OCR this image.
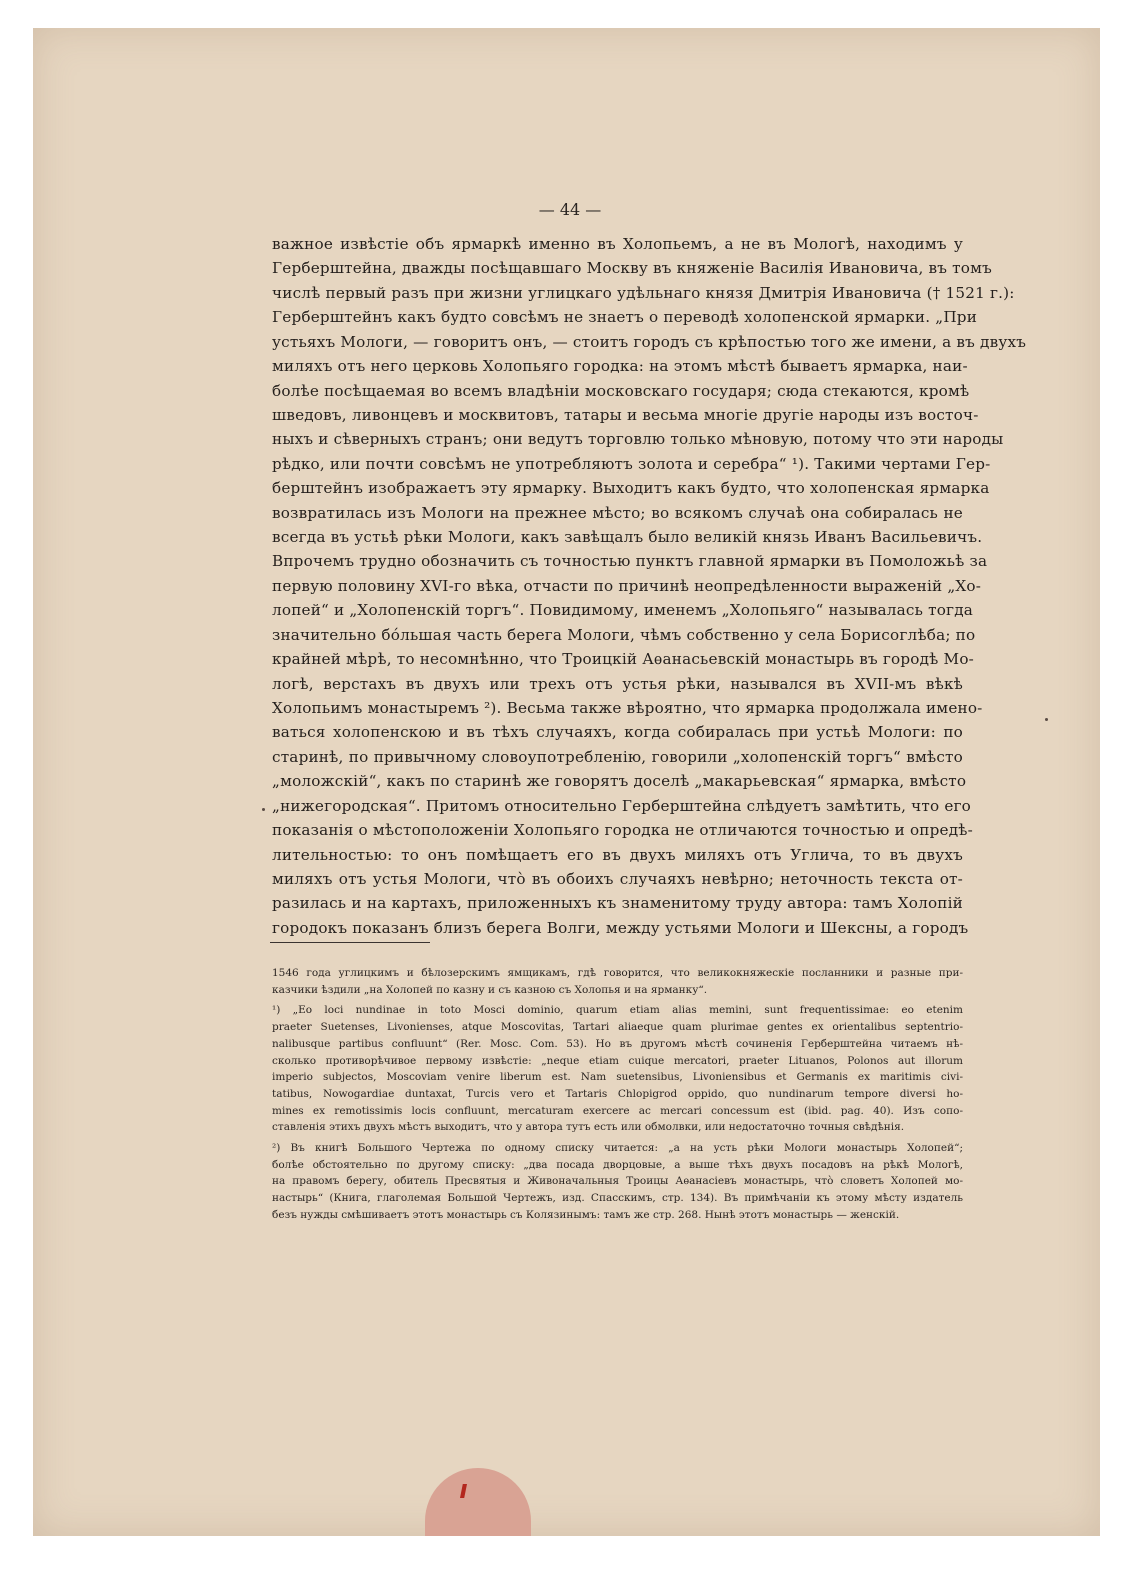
— 44 —
важное извѣстіе объ ярмаркѣ именно въ Холопьемъ, а не въ Мологѣ, находимъ у
Герберштейна, дважды посѣщавшаго Москву въ княженіе Василія Ивановича, въ томъ
числѣ первый разъ при жизни углицкаго удѣльнаго князя Дмитрія Ивановича († 1521 г.):
Герберштейнъ какъ будто совсѣмъ не знаетъ о переводѣ холопенской ярмарки. „При
устьяхъ Мологи, — говоритъ онъ, — стоитъ городъ съ крѣпостью того же имени, а въ двухъ
миляхъ отъ него церковь Холопьяго городка: на этомъ мѣстѣ бываетъ ярмарка, наи-
болѣе посѣщаемая во всемъ владѣніи московскаго государя; сюда стекаются, кромѣ
шведовъ, ливонцевъ и москвитовъ, татары и весьма многіе другіе народы изъ восточ-
ныхъ и сѣверныхъ странъ; они ведутъ торговлю только мѣновую, потому что эти народы
рѣдко, или почти совсѣмъ не употребляютъ золота и серебра“ ¹). Такими чертами Гер-
берштейнъ изображаетъ эту ярмарку. Выходитъ какъ будто, что холопенская ярмарка
возвратилась изъ Мологи на прежнее мѣсто; во всякомъ случаѣ она собиралась не
всегда въ устьѣ рѣки Мологи, какъ завѣщалъ было великій князь Иванъ Васильевичъ.
Впрочемъ трудно обозначить съ точностью пунктъ главной ярмарки въ Помоложьѣ за
первую половину XVI-го вѣка, отчасти по причинѣ неопредѣленности выраженій „Хо-
лопей“ и „Холопенскій торгъ“. Повидимому, именемъ „Холопьяго“ называлась тогда
значительно бóльшая часть берега Мологи, чѣмъ собственно у села Борисоглѣба; по
крайней мѣрѣ, то несомнѣнно, что Троицкій Аѳанасьевскій монастырь въ городѣ Мо-
логѣ, верстахъ въ двухъ или трехъ отъ устья рѣки, назывался въ XVII-мъ вѣкѣ
Холопьимъ монастыремъ ²). Весьма также вѣроятно, что ярмарка продолжала имено-
ваться холопенскою и въ тѣхъ случаяхъ, когда собиралась при устьѣ Мологи: по
старинѣ, по привычному словоупотребленію, говорили „холопенскій торгъ“ вмѣсто
„моложскій“, какъ по старинѣ же говорятъ доселѣ „макарьевская“ ярмарка, вмѣсто
„нижегородская“. Притомъ относительно Герберштейна слѣдуетъ замѣтить, что его
показанія о мѣстоположеніи Холопьяго городка не отличаются точностью и опредѣ-
лительностью: то онъ помѣщаетъ его въ двухъ миляхъ отъ Углича, то въ двухъ
миляхъ отъ устья Мологи, чтò въ обоихъ случаяхъ невѣрно; неточность текста от-
разилась и на картахъ, приложенныхъ къ знаменитому труду автора: тамъ Холопій
городокъ показанъ близъ берега Волги, между устьями Мологи и Шексны, а городъ
1546 года углицкимъ и бѣлозерскимъ ямщикамъ, гдѣ говорится, что великокняжескіе посланники и разные при-
казчики ѣздили „на Холопей по казну и съ казною съ Холопья и на ярманку“.
¹) „Eo loci nundinae in toto Mosci dominio, quarum etiam alias memini, sunt frequentissimae: eo etenim
praeter Suetenses, Livonienses, atque Moscovitas, Tartari aliaeque quam plurimae gentes ex orientalibus septentrio-
nalibusque partibus confluunt“ (Rer. Mosc. Com. 53). Но въ другомъ мѣстѣ сочиненія Герберштейна читаемъ нѣ-
сколько противорѣчивое первому извѣстіе: „neque etiam cuique mercatori, praeter Lituanos, Polonos aut illorum
imperio subjectos, Moscoviam venire liberum est. Nam suetensibus, Livoniensibus et Germanis ex maritimis civi-
tatibus, Nowogardiae duntaxat, Turcis vero et Tartaris Chlopigrod oppido, quo nundinarum tempore diversi ho-
mines ex remotissimis locis confluunt, mercaturam exercere ac mercari concessum est (ibid. pag. 40). Изъ сопо-
ставленія этихъ двухъ мѣстъ выходитъ, что у автора тутъ есть или обмолвки, или недостаточно точныя свѣдѣнія.
²) Въ книгѣ Большого Чертежа по одному списку читается: „а на усть рѣки Мологи монастырь Холопей“;
болѣе обстоятельно по другому списку: „два посада дворцовые, а выше тѣхъ двухъ посадовъ на рѣкѣ Мологѣ,
на правомъ берегу, обитель Пресвятыя и Живоначальныя Троицы Аѳанасіевъ монастырь, чтò словетъ Холопей мо-
настырь“ (Книга, глаголемая Большой Чертежъ, изд. Спасскимъ, стр. 134). Въ примѣчаніи къ этому мѣсту издатель
безъ нужды смѣшиваетъ этотъ монастырь съ Колязинымъ: тамъ же стр. 268. Нынѣ этотъ монастырь — женскій.
